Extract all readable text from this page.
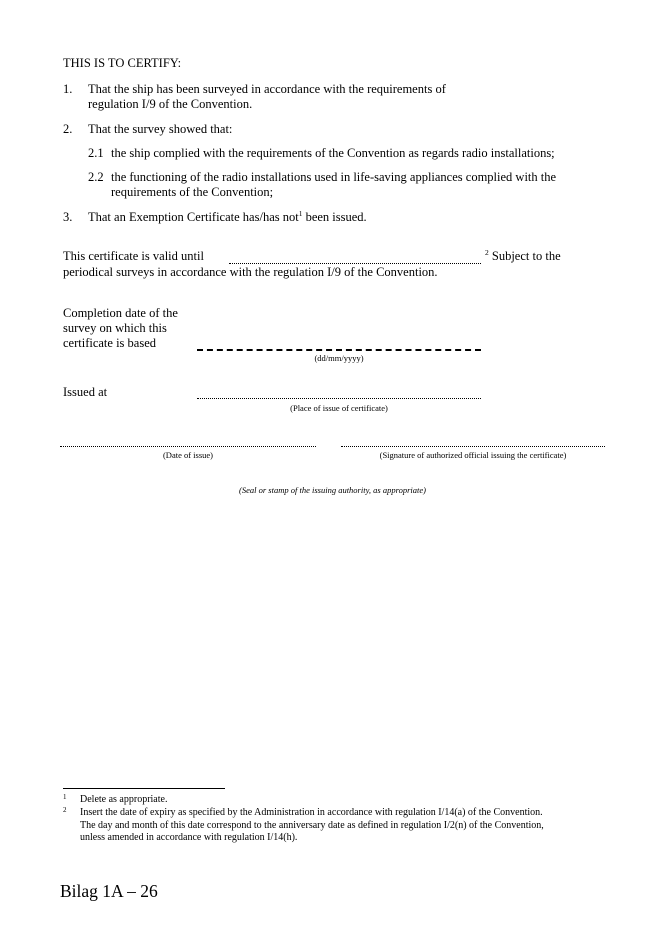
THIS IS TO CERTIFY:
1. That the ship has been surveyed in accordance with the requirements of
regulation I/9 of the Convention.
2. That the survey showed that:
2.1 the ship complied with the requirements of the Convention as regards radio installations;
2.2 the functioning of the radio installations used in life-saving appliances complied with the
requirements of the Convention;
3. That an Exemption Certificate has/has not$^1$ been issued.
This certificate is valid until	$^2$ Subject to the
periodical surveys in accordance with the regulation I/9 of the Convention.
Completion date of the
survey on which this
certificate is based
(dd/mm/yyyy)
Issued at
(Place of issue of certificate)
(Date of issue)	(Signature of authorized official issuing the certificate)
(Seal or stamp of the issuing authority, as appropriate)
1	Delete as appropriate.
2	Insert the date of expiry as specified by the Administration in accordance with regulation I/14(a) of the Convention.
The day and month of this date correspond to the anniversary date as defined in regulation I/2(n) of the Convention,
unless amended in accordance with regulation I/14(h).
Bilag 1A – 26
